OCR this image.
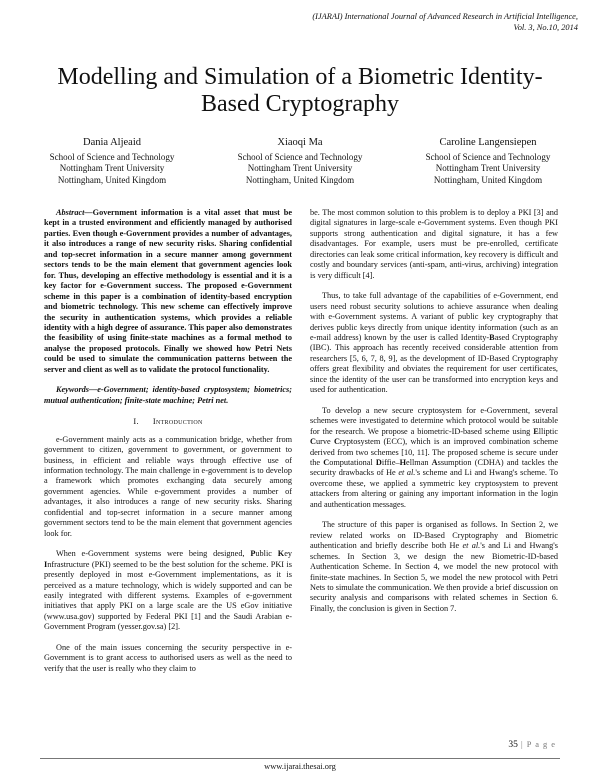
(IJARAI) International Journal of Advanced Research in Artificial Intelligence,
Vol. 3, No.10, 2014
Modelling and Simulation of a Biometric Identity-
Based Cryptography
Dania Aljeaid
School of Science and Technology
Nottingham Trent University
Nottingham, United Kingdom
Xiaoqi Ma
School of Science and Technology
Nottingham Trent University
Nottingham, United Kingdom
Caroline Langensiepen
School of Science and Technology
Nottingham Trent University
Nottingham, United Kingdom

Abstract—Government information is a vital asset that must be kept in a trusted environment and efficiently managed by authorised parties. Even though e-Government provides a number of advantages, it also introduces a range of new security risks. Sharing confidential and top-secret information in a secure manner among government sectors tends to be the main element that government agencies look for. Thus, developing an effective methodology is essential and it is a key factor for e-Government success. The proposed e-Government scheme in this paper is a combination of identity-based encryption and biometric technology. This new scheme can effectively improve the security in authentication systems, which provides a reliable identity with a high degree of assurance. This paper also demonstrates the feasibility of using finite-state machines as a formal method to analyse the proposed protocols. Finally we showed how Petri Nets could be used to simulate the communication patterns between the server and client as well as to validate the protocol functionality.

Keywords—e-Government; identity-based cryptosystem; biometrics; mutual authentication; finite-state machine; Petri net.

I. Introduction

e-Government mainly acts as a communication bridge, whether from government to citizen, government to government, or government to business, in efficient and reliable ways through effective use of information technology. The main challenge in e-government is to develop a framework which promotes exchanging data securely among government agencies. While e-government provides a number of advantages, it also introduces a range of new security risks. Sharing confidential and top-secret information in a secure manner among government sectors tend to be the main element that government agencies look for.

When e-Government systems were being designed, Public Key Infrastructure (PKI) seemed to be the best solution for the scheme. PKI is presently deployed in most e-Government implementations, as it is perceived as a mature technology, which is widely supported and can be easily integrated with different systems. Examples of e-government initiatives that apply PKI on a large scale are the US eGov initiative (www.usa.gov) supported by Federal PKI [1] and the Saudi Arabian e-Government Program (yesser.gov.sa) [2].

One of the main issues concerning the security perspective in e-Government is to grant access to authorised users as well as the need to verify that the user is really who they claim to

be. The most common solution to this problem is to deploy a PKI [3] and digital signatures in large-scale e-Government systems. Even though PKI supports strong authentication and digital signature, it has a few disadvantages. For example, users must be pre-enrolled, certificate directories can leak some critical information, key recovery is difficult and costly and boundary services (anti-spam, anti-virus, archiving) integration is very difficult [4].

Thus, to take full advantage of the capabilities of e-Government, end users need robust security solutions to achieve assurance when dealing with e-Government systems. A variant of public key cryptography that derives public keys directly from unique identity information (such as an e-mail address) known by the user is called Identity-Based Cryptography (IBC). This approach has recently received considerable attention from researchers [5, 6, 7, 8, 9], as the development of ID-Based Cryptography offers great flexibility and obviates the requirement for user certificates, since the identity of the user can be transformed into encryption keys and used for authentication.

To develop a new secure cryptosystem for e-Government, several schemes were investigated to determine which protocol would be suitable for the research. We propose a biometric-ID-based scheme using Elliptic Curve Cryptosystem (ECC), which is an improved combination scheme derived from two schemes [10, 11]. The proposed scheme is secure under the Computational Diffie–Hellman Assumption (CDHA) and tackles the security drawbacks of He et al.'s scheme and Li and Hwang's scheme. To overcome these, we applied a symmetric key cryptosystem to prevent attackers from altering or gaining any important information in the login and authentication messages.

The structure of this paper is organised as follows. In Section 2, we review related works on ID-Based Cryptography and Biometric authentication and briefly describe both He et al.'s and Li and Hwang's schemes. In Section 3, we design the new Biometric-ID-based Authentication Scheme. In Section 4, we model the new protocol with finite-state machines. In Section 5, we model the new protocol with Petri Nets to simulate the communication. We then provide a brief discussion on security analysis and comparisons with related schemes in Section 6. Finally, the conclusion is given in Section 7.

35 | P a g e
www.ijarai.thesai.org
